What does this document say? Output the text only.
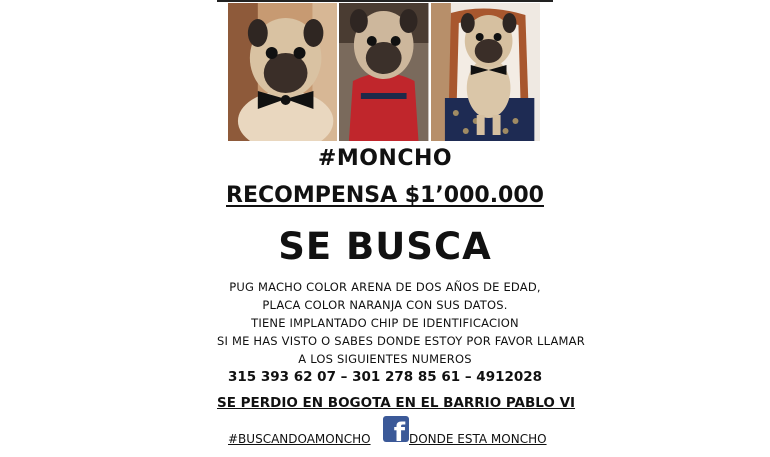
#MONCHO
RECOMPENSA $1’000.000
SE BUSCA
PUG MACHO COLOR ARENA DE DOS AÑOS DE EDAD,
PLACA COLOR NARANJA CON SUS DATOS.
TIENE IMPLANTADO CHIP DE IDENTIFICACION
SI ME HAS VISTO O SABES DONDE ESTOY POR FAVOR LLAMAR
A LOS SIGUIENTES NUMEROS
315 393 62 07 – 301 278 85 61 – 4912028
SE PERDIO EN BOGOTA EN EL BARRIO PABLO VI
#BUSCANDOAMONCHO f DONDE ESTA MONCHO
